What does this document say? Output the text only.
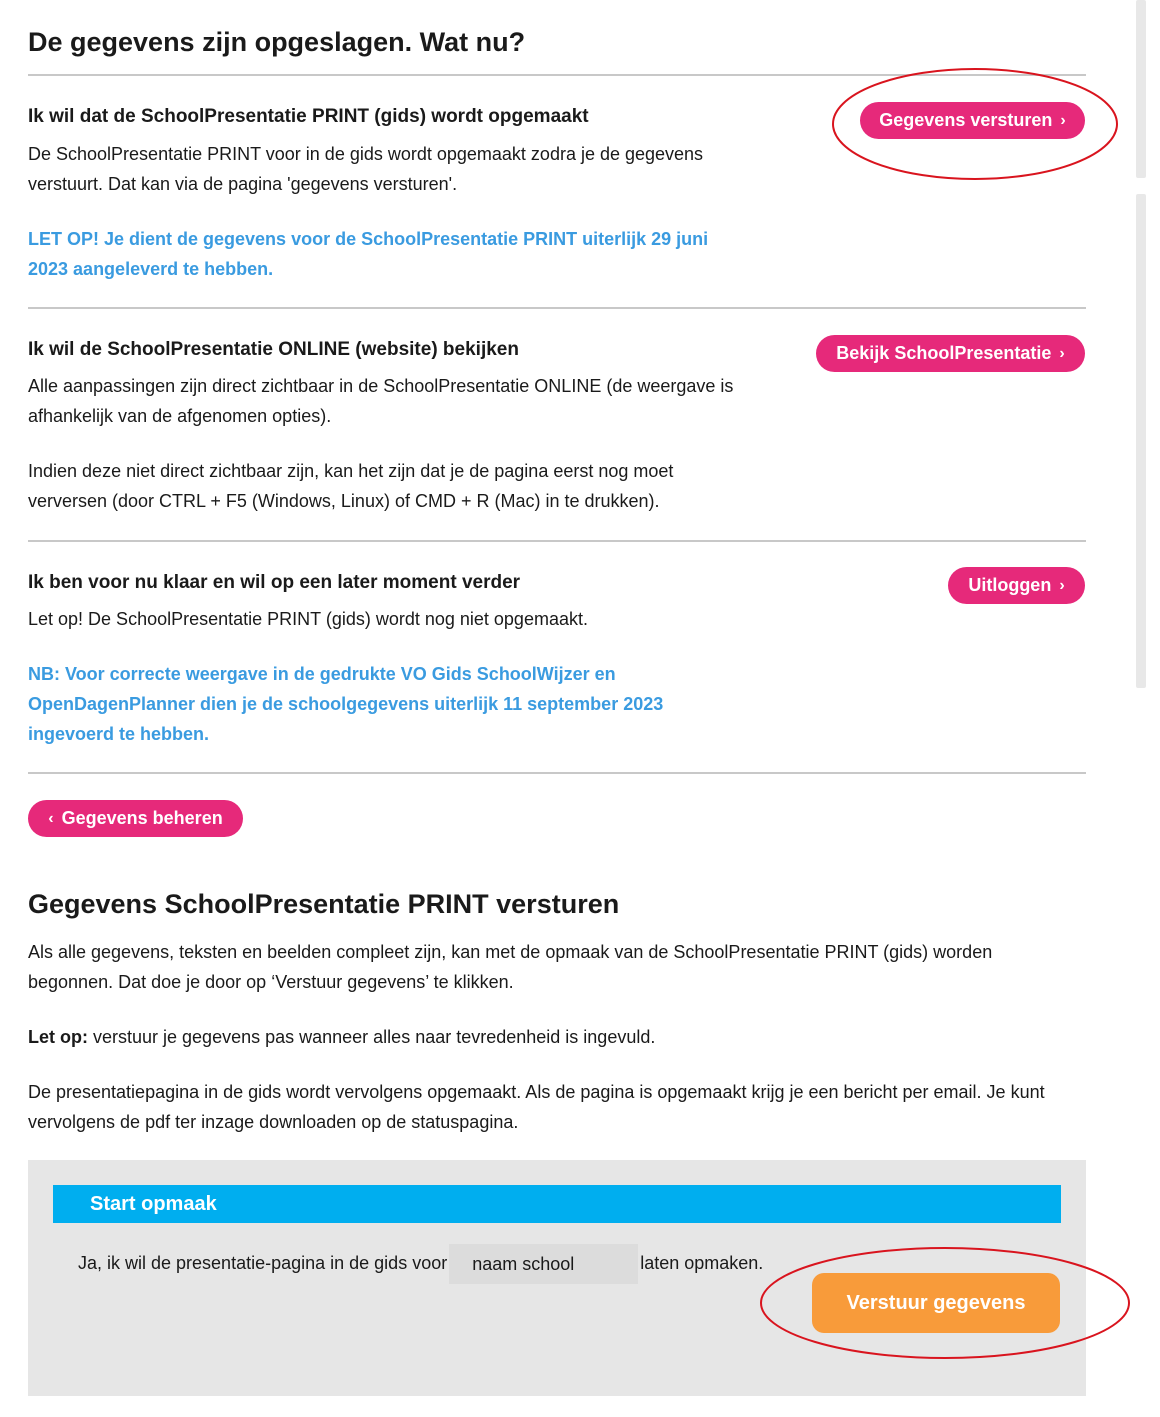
De gegevens zijn opgeslagen. Wat nu?
Ik wil dat de SchoolPresentatie PRINT (gids) wordt opgemaakt
De SchoolPresentatie PRINT voor in de gids wordt opgemaakt zodra je de gegevens
verstuurt. Dat kan via de pagina 'gegevens versturen'.
LET OP! Je dient de gegevens voor de SchoolPresentatie PRINT uiterlijk 29 juni
2023 aangeleverd te hebben.
Gegevens versturen ›
Ik wil de SchoolPresentatie ONLINE (website) bekijken
Alle aanpassingen zijn direct zichtbaar in de SchoolPresentatie ONLINE (de weergave is
afhankelijk van de afgenomen opties).
Indien deze niet direct zichtbaar zijn, kan het zijn dat je de pagina eerst nog moet
verversen (door CTRL + F5 (Windows, Linux) of CMD + R (Mac) in te drukken).
Bekijk SchoolPresentatie ›
Ik ben voor nu klaar en wil op een later moment verder
Let op! De SchoolPresentatie PRINT (gids) wordt nog niet opgemaakt.
NB: Voor correcte weergave in de gedrukte VO Gids SchoolWijzer en
OpenDagenPlanner dien je de schoolgegevens uiterlijk 11 september 2023
ingevoerd te hebben.
Uitloggen ›
‹ Gegevens beheren
Gegevens SchoolPresentatie PRINT versturen
Als alle gegevens, teksten en beelden compleet zijn, kan met de opmaak van de SchoolPresentatie PRINT (gids) worden
begonnen. Dat doe je door op ‘Verstuur gegevens’ te klikken.
Let op: verstuur je gegevens pas wanneer alles naar tevredenheid is ingevuld.
De presentatiepagina in de gids wordt vervolgens opgemaakt. Als de pagina is opgemaakt krijg je een bericht per email. Je kunt
vervolgens de pdf ter inzage downloaden op de statuspagina.
Start opmaak
Ja, ik wil de presentatie-pagina in de gids voor naam school	laten opmaken.
Verstuur gegevens
